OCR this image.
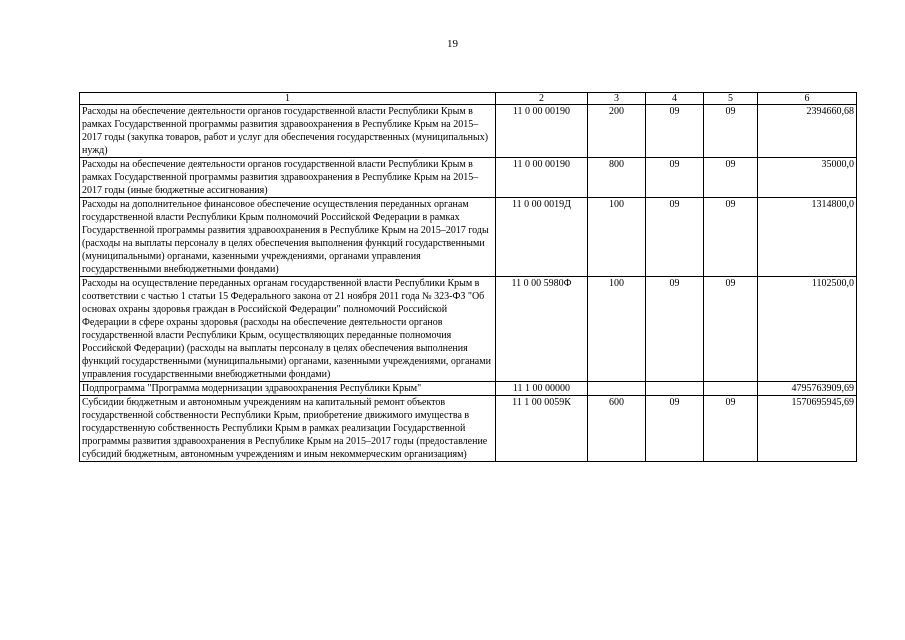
19
1	2	3	4	5	6
Расходы на обеспечение деятельности органов государственной власти Республики Крым в рамках Государственной программы развития здравоохранения в Республике Крым на 2015–2017 годы (закупка товаров, работ и услуг для обеспечения государственных (муниципальных) нужд)	11 0 00 00190	200	09	09	2394660,68
Расходы на обеспечение деятельности органов государственной власти Республики Крым в рамках Государственной программы развития здравоохранения в Республике Крым на 2015–2017 годы (иные бюджетные ассигнования)	11 0 00 00190	800	09	09	35000,0
Расходы на дополнительное финансовое обеспечение осуществления переданных органам государственной власти Республики Крым полномочий Российской Федерации в рамках Государственной программы развития здравоохранения в Республике Крым на 2015–2017 годы (расходы на выплаты персоналу в целях обеспечения выполнения функций государственными (муниципальными) органами, казенными учреждениями, органами управления государственными внебюджетными фондами)	11 0 00 0019Д	100	09	09	1314800,0
Расходы на осуществление переданных органам государственной власти Республики Крым в соответствии с частью 1 статьи 15 Федерального закона от 21 ноября 2011 года № 323-ФЗ "Об основах охраны здоровья граждан в Российской Федерации" полномочий Российской Федерации в сфере охраны здоровья (расходы на обеспечение деятельности органов государственной власти Республики Крым, осуществляющих переданные полномочия Российской Федерации) (расходы на выплаты персоналу в целях обеспечения выполнения функций государственными (муниципальными) органами, казенными учреждениями, органами управления государственными внебюджетными фондами)	11 0 00 5980Ф	100	09	09	1102500,0
Подпрограмма "Программа модернизации здравоохранения Республики Крым"	11 1 00 00000				4795763909,69
Субсидии бюджетным и автономным учреждениям на капитальный ремонт объектов государственной собственности Республики Крым, приобретение движимого имущества в государственную собственность Республики Крым в рамках реализации Государственной программы развития здравоохранения в Республике Крым на 2015–2017 годы (предоставление субсидий бюджетным, автономным учреждениям и иным некоммерческим организациям)	11 1 00 0059К	600	09	09	1570695945,69
